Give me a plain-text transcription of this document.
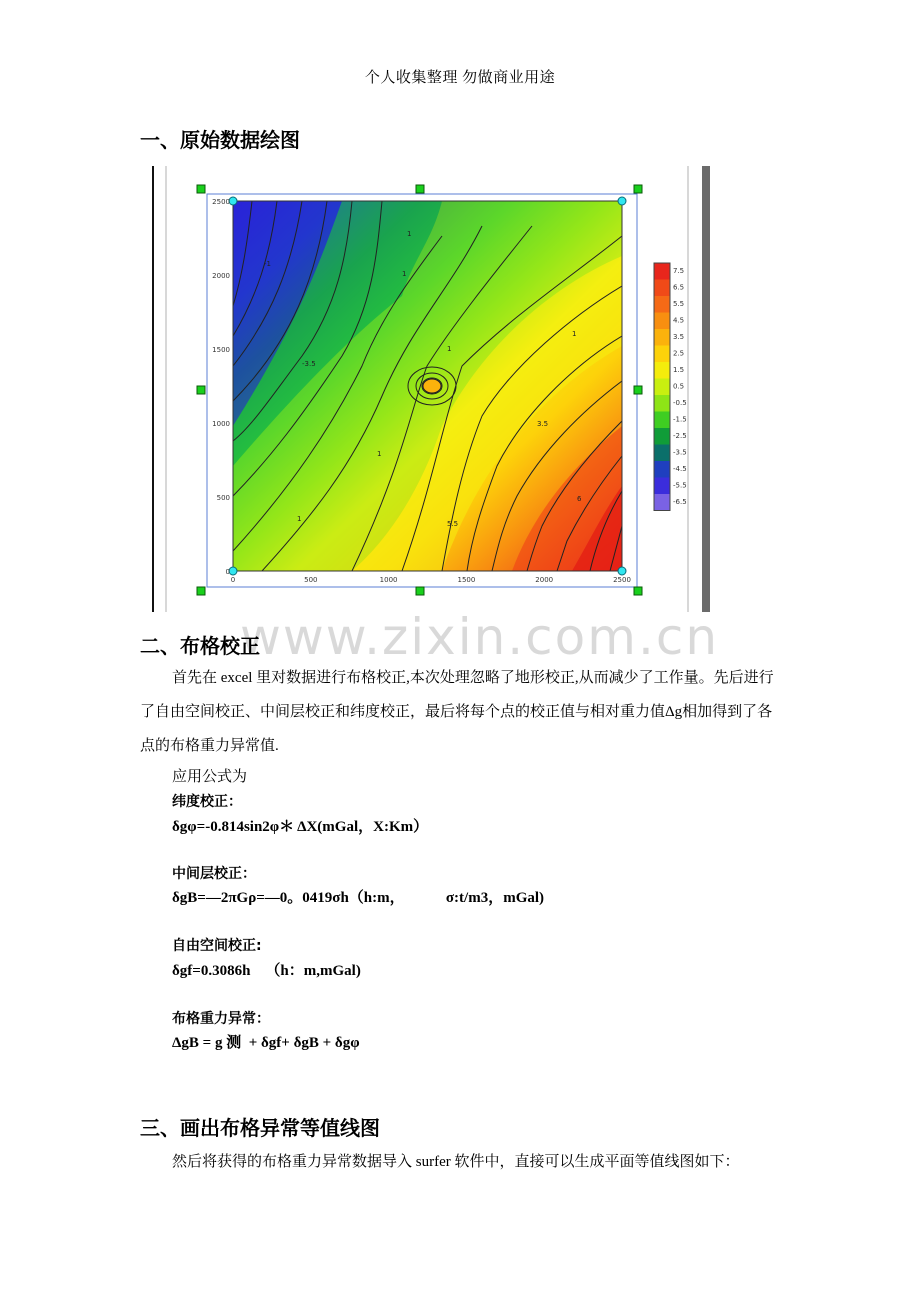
个人收集整理 勿做商业用途
一、原始数据绘图
0	500	1000	1500	2000	2500
0
500
1000
1500
2000
2500
-1
1
1
1
1
3.5
-3.5
5.5
1
1
6
7.5
6.5
5.5
4.5
3.5
2.5
1.5
0.5
-0.5
-1.5
-2.5
-3.5
-4.5
-5.5
-6.5
www.zixin.com.cn
二、布格校正
首先在 excel 里对数据进行布格校正,本次处理忽略了地形校正,从而减少了工作量。先后进行了自由空间校正、中间层校正和纬度校正，最后将每个点的校正值与相对重力值Δg相加得到了各点的布格重力异常值.
应用公式为
纬度校正：
δgφ=-0.814sin2φ＊ ΔX(mGal，X:Km）
中间层校正：
δgB=—2πGρ=—0。0419σh（h:m，           σ:t/m3，mGal)
自由空间校正:
δgf=0.3086h    （h：m,mGal)
布格重力异常：
ΔgB = g 测  + δgf+ δgB + δgφ
三、画出布格异常等值线图
然后将获得的布格重力异常数据导入 surfer 软件中，直接可以生成平面等值线图如下：
